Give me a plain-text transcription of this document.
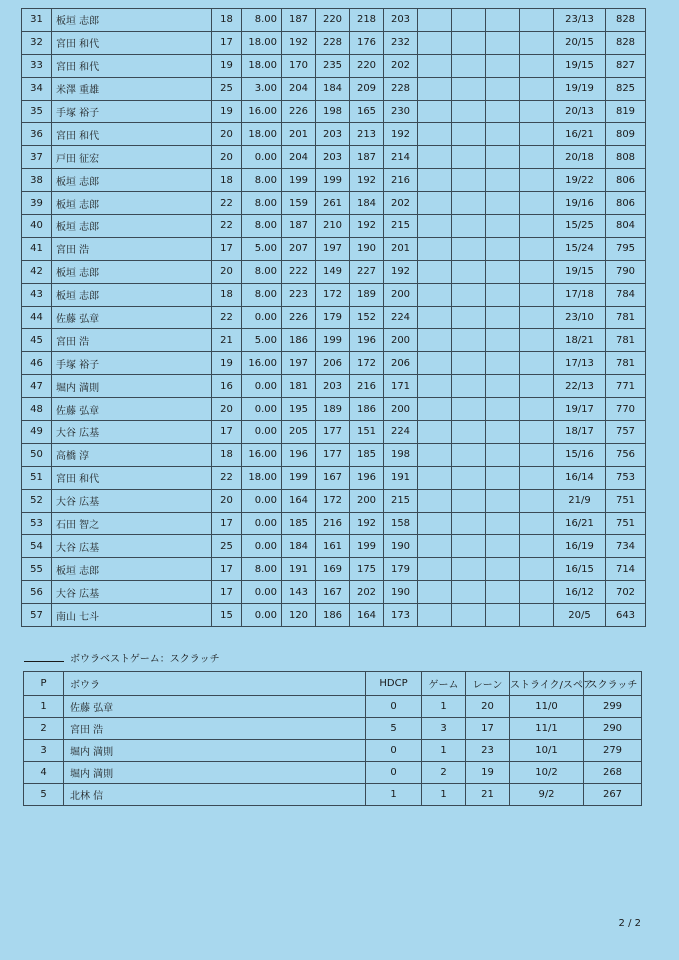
31	板垣 志郎	18	8.00	187	220	218	203					23/13	828
32	宮田 和代	17	18.00	192	228	176	232					20/15	828
33	宮田 和代	19	18.00	170	235	220	202					19/15	827
34	米澤 重雄	25	3.00	204	184	209	228					19/19	825
35	手塚 裕子	19	16.00	226	198	165	230					20/13	819
36	宮田 和代	20	18.00	201	203	213	192					16/21	809
37	戸田 征宏	20	0.00	204	203	187	214					20/18	808
38	板垣 志郎	18	8.00	199	199	192	216					19/22	806
39	板垣 志郎	22	8.00	159	261	184	202					19/16	806
40	板垣 志郎	22	8.00	187	210	192	215					15/25	804
41	宮田 浩	17	5.00	207	197	190	201					15/24	795
42	板垣 志郎	20	8.00	222	149	227	192					19/15	790
43	板垣 志郎	18	8.00	223	172	189	200					17/18	784
44	佐藤 弘章	22	0.00	226	179	152	224					23/10	781
45	宮田 浩	21	5.00	186	199	196	200					18/21	781
46	手塚 裕子	19	16.00	197	206	172	206					17/13	781
47	堀内 満則	16	0.00	181	203	216	171					22/13	771
48	佐藤 弘章	20	0.00	195	189	186	200					19/17	770
49	大谷 広基	17	0.00	205	177	151	224					18/17	757
50	高橋 淳	18	16.00	196	177	185	198					15/16	756
51	宮田 和代	22	18.00	199	167	196	191					16/14	753
52	大谷 広基	20	0.00	164	172	200	215					21/9	751
53	石田 智之	17	0.00	185	216	192	158					16/21	751
54	大谷 広基	25	0.00	184	161	199	190					16/19	734
55	板垣 志郎	17	8.00	191	169	175	179					16/15	714
56	大谷 広基	17	0.00	143	167	202	190					16/12	702
57	南山 七斗	15	0.00	120	186	164	173					20/5	643
ボウラベストゲーム：スクラッチ
P	ボウラ	HDCP	ゲーム	レーン	ストライク/スペア	スクラッチ
1	佐藤 弘章	0	1	20	11/0	299
2	宮田 浩	5	3	17	11/1	290
3	堀内 満則	0	1	23	10/1	279
4	堀内 満則	0	2	19	10/2	268
5	北林 信	1	1	21	9/2	267
2 / 2
